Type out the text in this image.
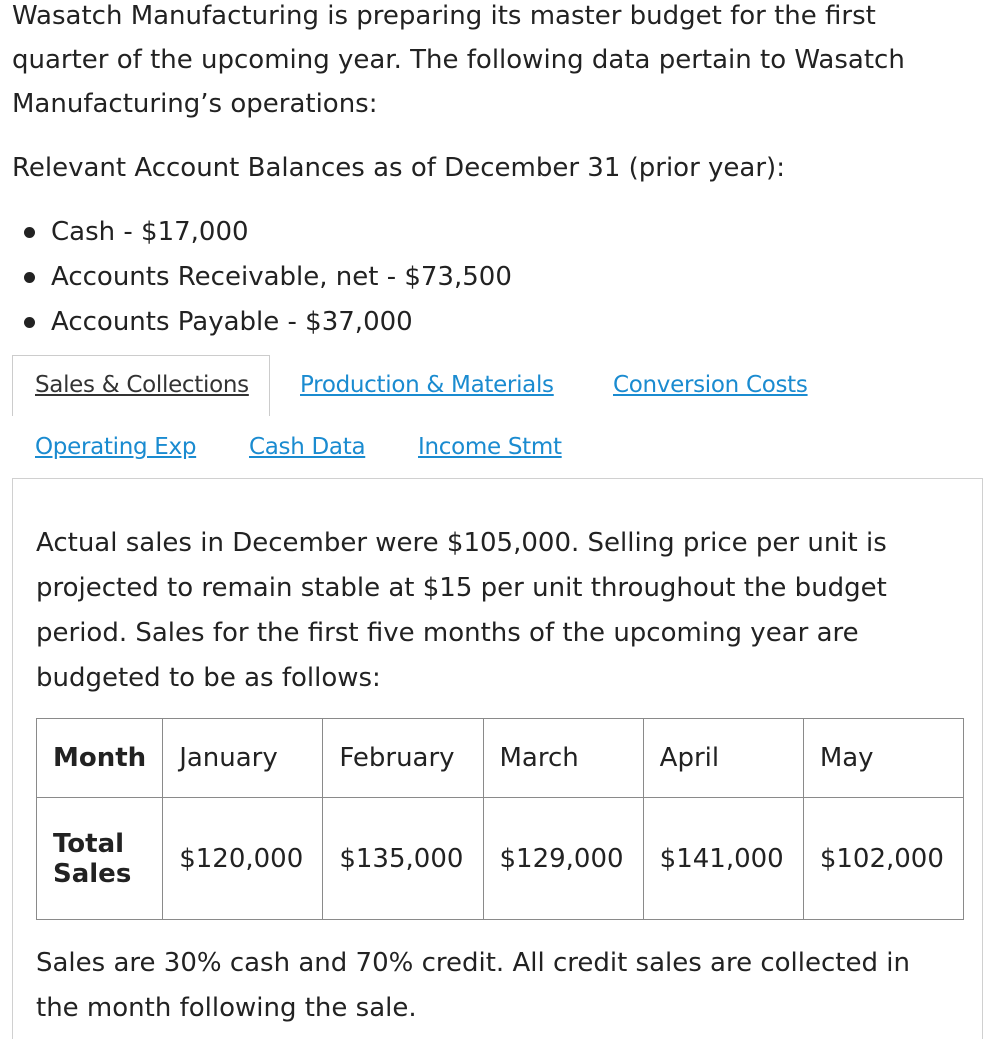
Wasatch Manufacturing is preparing its master budget for the first quarter of the upcoming year. The following data pertain to Wasatch Manufacturing’s operations:

Relevant Account Balances as of December 31 (prior year):

Cash - $17,000
Accounts Receivable, net - $73,500
Accounts Payable - $37,000
Sales & Collections Production & Materials	Conversion Costs
Operating Exp Cash Data Income Stmt

Actual sales in December were $105,000. Selling price per unit is projected to remain stable at $15 per unit throughout the budget period. Sales for the first five months of the upcoming year are budgeted to be as follows:

Month	January	February	March	April	May
Total Sales	$120,000	$135,000	$129,000	$141,000	$102,000

Sales are 30% cash and 70% credit. All credit sales are collected in the month following the sale.
